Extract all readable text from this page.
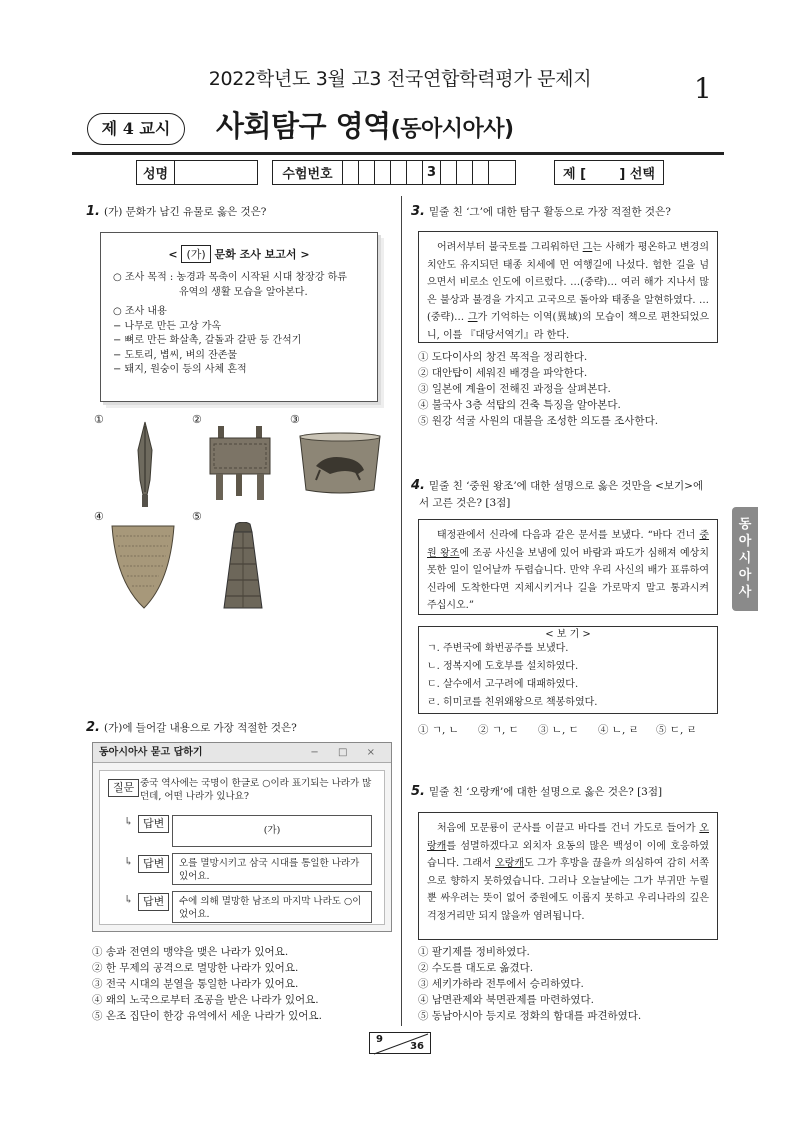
2022학년도 3월 고3 전국연합학력평가 문제지	1
제 4 교시	사회탐구 영역(동아시아사)
성명	수험번호	3	제 [	] 선택
1. (가) 문화가 남긴 유물로 옳은 것은?
< (가) 문화 조사 보고서 >
○ 조사 목적 : 농경과 목축이 시작된 시대 창장강 하류
유역의 생활 모습을 알아본다.
○ 조사 내용
− 나무로 만든 고상 가옥
− 뼈로 만든 화살촉, 갈돌과 갈판 등 간석기
− 도토리, 볍씨, 벼의 잔존물
− 돼지, 원숭이 등의 사체 흔적
①	②	③
④	⑤
2. (가)에 들어갈 내용으로 가장 적절한 것은?
동아시아사 묻고 답하기	− □ ×
질문 중국 역사에는 국명이 한글로 ○이라 표기되는 나라가 많던데, 어떤 나라가 있나요?
↳ 답변
(가)
↳ 답변	오를 멸망시키고 삼국 시대를 통일한 나라가 있어요.
↳ 답변	수에 의해 멸망한 남조의 마지막 나라도 ○이었어요.
① 송과 전연의 맹약을 맺은 나라가 있어요.
② 한 무제의 공격으로 멸망한 나라가 있어요.
③ 전국 시대의 분열을 통일한 나라가 있어요.
④ 왜의 노국으로부터 조공을 받은 나라가 있어요.
⑤ 온조 집단이 한강 유역에서 세운 나라가 있어요.
3. 밑줄 친 ‘그’에 대한 탐구 활동으로 가장 적절한 것은?
어려서부터 불국토를 그리워하던 그는 사해가 평온하고 변경의 치안도 유지되던 태종 치세에 먼 여행길에 나섰다. 험한 길을 넘으면서 비로소 인도에 이르렀다. …(중략)… 여러 해가 지나서 많은 불상과 불경을 가지고 고국으로 돌아와 태종을 알현하였다. …(중략)… 그가 기억하는 이역(異域)의 모습이 책으로 편찬되었으니, 이를 『대당서역기』라 한다.
① 도다이사의 창건 목적을 정리한다.
② 대안탑이 세워진 배경을 파악한다.
③ 일본에 계율이 전해진 과정을 살펴본다.
④ 불국사 3층 석탑의 건축 특징을 알아본다.
⑤ 원강 석굴 사원의 대불을 조성한 의도를 조사한다.
4. 밑줄 친 ‘중원 왕조’에 대한 설명으로 옳은 것만을 <보기>에
서 고른 것은? [3점]
태정관에서 신라에 다음과 같은 문서를 보냈다. “바다 건너 중원 왕조에 조공 사신을 보냄에 있어 바람과 파도가 심해져 예상치 못한 일이 일어날까 두렵습니다. 만약 우리 사신의 배가 표류하여 신라에 도착한다면 지체시키거나 길을 가로막지 말고 통과시켜 주십시오.”
< 보 기 >
ㄱ. 주변국에 화번공주를 보냈다.
ㄴ. 정복지에 도호부를 설치하였다.
ㄷ. 살수에서 고구려에 대패하였다.
ㄹ. 히미코를 친위왜왕으로 책봉하였다.
① ㄱ, ㄴ ② ㄱ, ㄷ ③ ㄴ, ㄷ ④ ㄴ, ㄹ ⑤ ㄷ, ㄹ
5. 밑줄 친 ‘오랑캐’에 대한 설명으로 옳은 것은? [3점]
처음에 모문룡이 군사를 이끌고 바다를 건너 가도로 들어가 오랑캐를 섬멸하겠다고 외치자 요동의 많은 백성이 이에 호응하였습니다. 그래서 오랑캐도 그가 후방을 끊을까 의심하여 감히 서쪽으로 향하지 못하였습니다. 그러나 오늘날에는 그가 부귀만 누릴 뿐 싸우려는 뜻이 없어 중원에도 이롭지 못하고 우리나라의 깊은 걱정거리만 되지 않을까 염려됩니다.
① 팔기제를 정비하였다.
② 수도를 대도로 옮겼다.
③ 세키가하라 전투에서 승리하였다.
④ 남면관제와 북면관제를 마련하였다.
⑤ 동남아시아 등지로 정화의 함대를 파견하였다.
동아시아사
9
36
